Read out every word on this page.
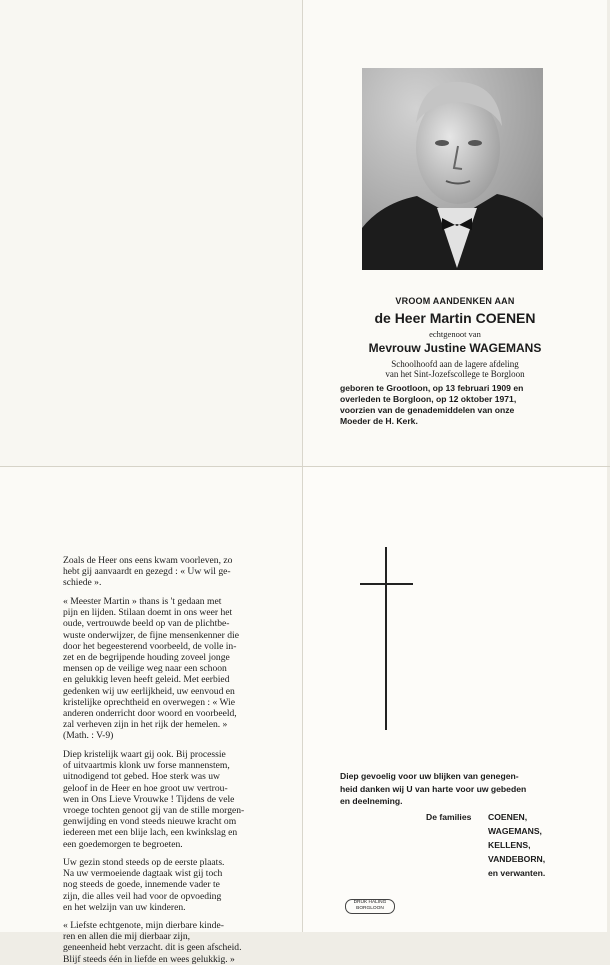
VROOM AANDENKEN AAN
de Heer Martin COENEN
echtgenoot van
Mevrouw Justine WAGEMANS
Schoolhoofd aan de lagere afdeling
van het Sint-Jozefscollege te Borgloon
geboren te Grootloon, op 13 februari 1909 en
overleden te Borgloon, op 12 oktober 1971,
voorzien van de genademiddelen van onze
Moeder de H. Kerk.
Zoals de Heer ons eens kwam voorleven, zo
hebt gij aanvaardt en gezegd : « Uw wil ge-
schiede ».
« Meester Martin » thans is 't gedaan met
pijn en lijden. Stilaan doemt in ons weer het
oude, vertrouwde beeld op van de plichtbe-
wuste onderwijzer, de fijne mensenkenner die
door het begeesterend voorbeeld, de volle in-
zet en de begrijpende houding zoveel jonge
mensen op de veilige weg naar een schoon
en gelukkig leven heeft geleid. Met eerbied
gedenken wij uw eerlijkheid, uw eenvoud en
kristelijke oprechtheid en overwegen : « Wie
anderen onderricht door woord en voorbeeld,
zal verheven zijn in het rijk der hemelen. »
(Math. : V-9)
Diep kristelijk waart gij ook. Bij processie
of uitvaartmis klonk uw forse mannenstem,
uitnodigend tot gebed. Hoe sterk was uw
geloof in de Heer en hoe groot uw vertrou-
wen in Ons Lieve Vrouwke ! Tijdens de vele
vroege tochten genoot gij van de stille morgen-
genwijding en vond steeds nieuwe kracht om
iedereen met een blije lach, een kwinkslag en
een goedemorgen te begroeten.
Uw gezin stond steeds op de eerste plaats.
Na uw vermoeiende dagtaak wist gij toch
nog steeds de goede, innemende vader te
zijn, die alles veil had voor de opvoeding
en het welzijn van uw kinderen.
« Liefste echtgenote, mijn dierbare kinde-
ren en allen die mij dierbaar zijn,
geneenheid hebt verzacht. dit is geen afscheid.
Blijf steeds één in liefde en wees gelukkig. »
Diep gevoelig voor uw blijken van genegen-
heid danken wij U van harte voor uw gebeden
en deelneming.
De families COENEN,
WAGEMANS,
KELLENS,
VANDEBORN,
en verwanten.
DRUK HALING
BORGLOON
